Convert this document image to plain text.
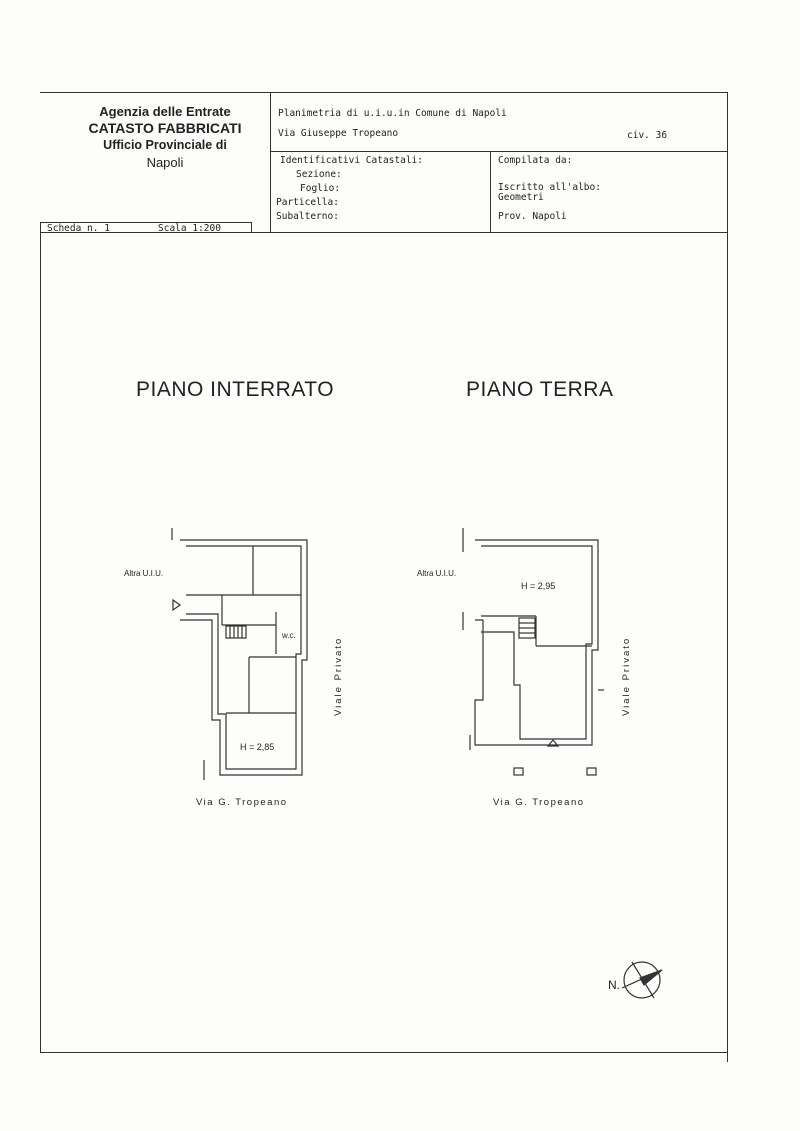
Agenzia delle Entrate
CATASTO FABBRICATI
Ufficio Provinciale di
Napoli
Planimetria di u.i.u.in Comune di Napoli
Via Giuseppe Tropeano	civ. 36
Identificativi Catastali:
Sezione:
Foglio:
Particella:
Subalterno:
Compilata da:
Iscritto all'albo:
Geometri
Prov. Napoli
Scheda n. 1	Scala 1:200
PIANO INTERRATO	PIANO TERRA
Altra U.I.U.
w.c.
H = 2,85
Viale Privato
Via G. Tropeano
Altra U.I.U.
H = 2,95
Viale Privato
Via G. Tropeano
N.
